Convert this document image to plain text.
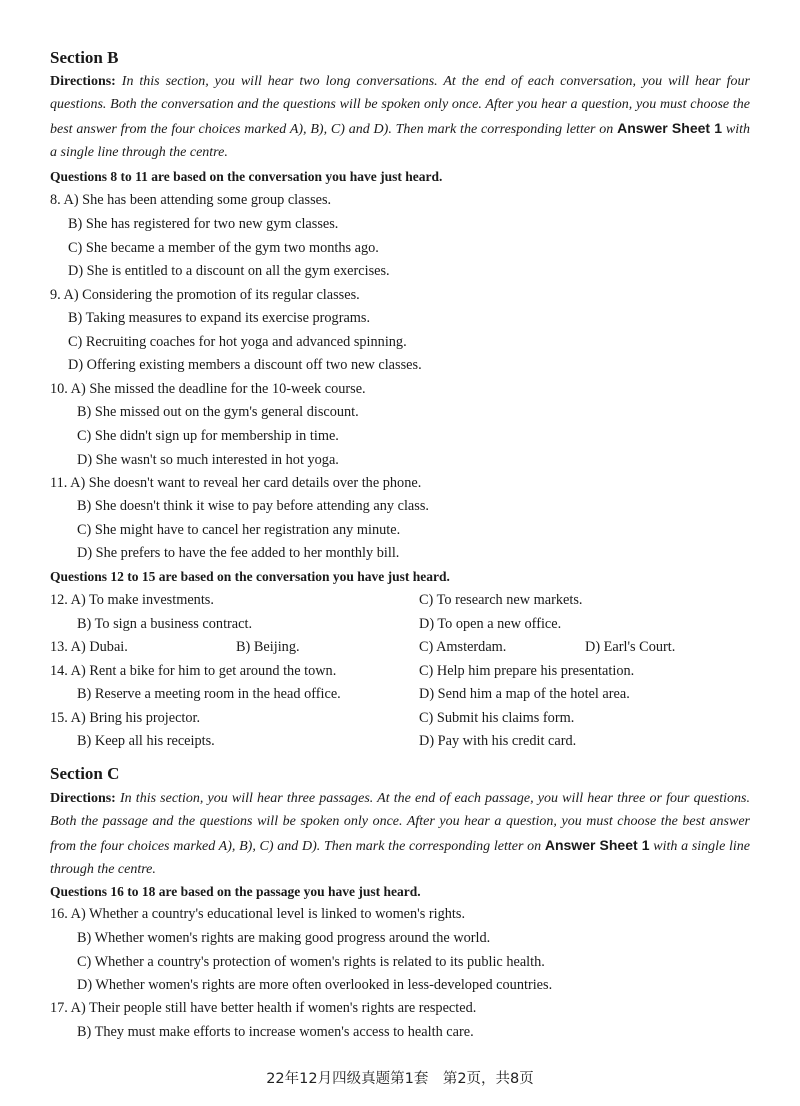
Section B
Directions: In this section, you will hear two long conversations. At the end of each conversation, you will hear four questions. Both the conversation and the questions will be spoken only once. After you hear a question, you must choose the best answer from the four choices marked A), B), C) and D). Then mark the corresponding letter on Answer Sheet 1 with a single line through the centre.
Questions 8 to 11 are based on the conversation you have just heard.
8. A) She has been attending some group classes.
B) She has registered for two new gym classes.
C) She became a member of the gym two months ago.
D) She is entitled to a discount on all the gym exercises.
9. A) Considering the promotion of its regular classes.
B) Taking measures to expand its exercise programs.
C) Recruiting coaches for hot yoga and advanced spinning.
D) Offering existing members a discount off two new classes.
10. A) She missed the deadline for the 10-week course.
B) She missed out on the gym's general discount.
C) She didn't sign up for membership in time.
D) She wasn't so much interested in hot yoga.
11. A) She doesn't want to reveal her card details over the phone.
B) She doesn't think it wise to pay before attending any class.
C) She might have to cancel her registration any minute.
D) She prefers to have the fee added to her monthly bill.
Questions 12 to 15 are based on the conversation you have just heard.
12. A) To make investments.	C) To research new markets.
B) To sign a business contract.	D) To open a new office.
13. A) Dubai.	B) Beijing.	C) Amsterdam.	D) Earl's Court.
14. A) Rent a bike for him to get around the town.	C) Help him prepare his presentation.
B) Reserve a meeting room in the head office.	D) Send him a map of the hotel area.
15. A) Bring his projector.	C) Submit his claims form.
B) Keep all his receipts.	D) Pay with his credit card.
Section C
Directions: In this section, you will hear three passages. At the end of each passage, you will hear three or four questions. Both the passage and the questions will be spoken only once. After you hear a question, you must choose the best answer from the four choices marked A), B), C) and D). Then mark the corresponding letter on Answer Sheet 1 with a single line through the centre.
Questions 16 to 18 are based on the passage you have just heard.
16. A) Whether a country's educational level is linked to women's rights.
B) Whether women's rights are making good progress around the world.
C) Whether a country's protection of women's rights is related to its public health.
D) Whether women's rights are more often overlooked in less-developed countries.
17. A) Their people still have better health if women's rights are respected.
B) They must make efforts to increase women's access to health care.
22年12月四级真题第1套　第2页，共8页
